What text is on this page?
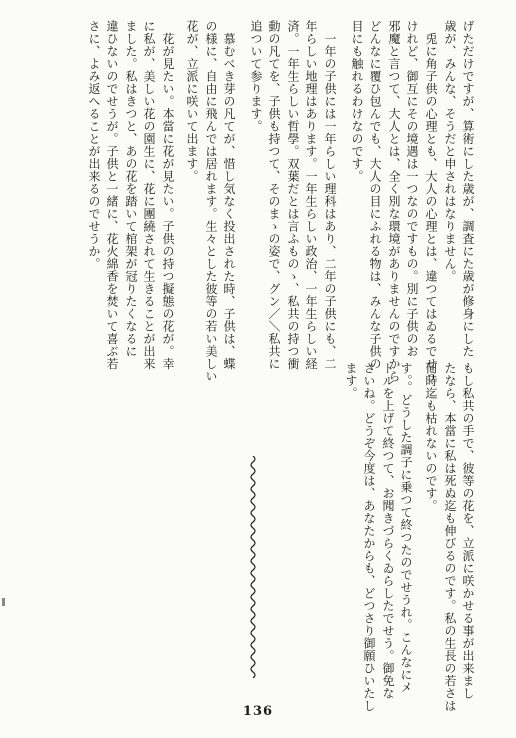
げただけですが、算術にした歳が、調査にた歳が修身にした
歳が、みんな、そうだと申されはなりません。
　兎に角子供の心理とも、大人の心理とは、違つてはゐるでせう
けれど、御互にその境遇は一つなのですもの。別に子供のお
邪魔と言つて、大人とは、全く別な環境がありませんのですから
どんなに覆ひ包んでも、大人の目にふれる物は、みんな子供の
目にも触れるわけなのです。
　一年の子供には一年らしい理科はあり、二年の子供にも、二
年らしい地理はあります。一年生らしい政治、一年生らしい経
済。一年生らしい哲學。双葉だとは言ふものゝ、私共の持つ衝
動の凡てを、子供も持つて、そのまゝの姿で、グン／＼私共に
追ついて参ります。
　慕むべき芽の凡てが、惜し気なく投出された時、子供は、蝶
の様に、自由に飛んでは居れます。生々とした彼等の若い美しい
花が、立派に咲いて出ます。
　花が見たい。本當に花が見たい。子供の持つ擬態の花が。幸
に私が、美しい花の園生に、花に團繞されて生きることが出来
ました。私はきつと、あの花を踏いて棺架が冠りたくなるに
違ひないのでせうが。子供と一緒に、花火綿香を焚いて喜ぶ若
さに、よみ返へることが出来るのでせうか。
もし私共の手で、彼等の花を、立派に咲かせる事が出来まし
たなら、本當に私は死ぬ迄も伸びるのです。私の生長の若さは
何時迄も枯れないのです。
す。。どうした調子に乗つて終つたのでせうれ。こんなにメ
トルを上げて終つて、お聞きづらくゐらしたでせう。御免な
さいね。どうぞ今度は、あなたからも、どつさり御願ひいたし
ます。
136
